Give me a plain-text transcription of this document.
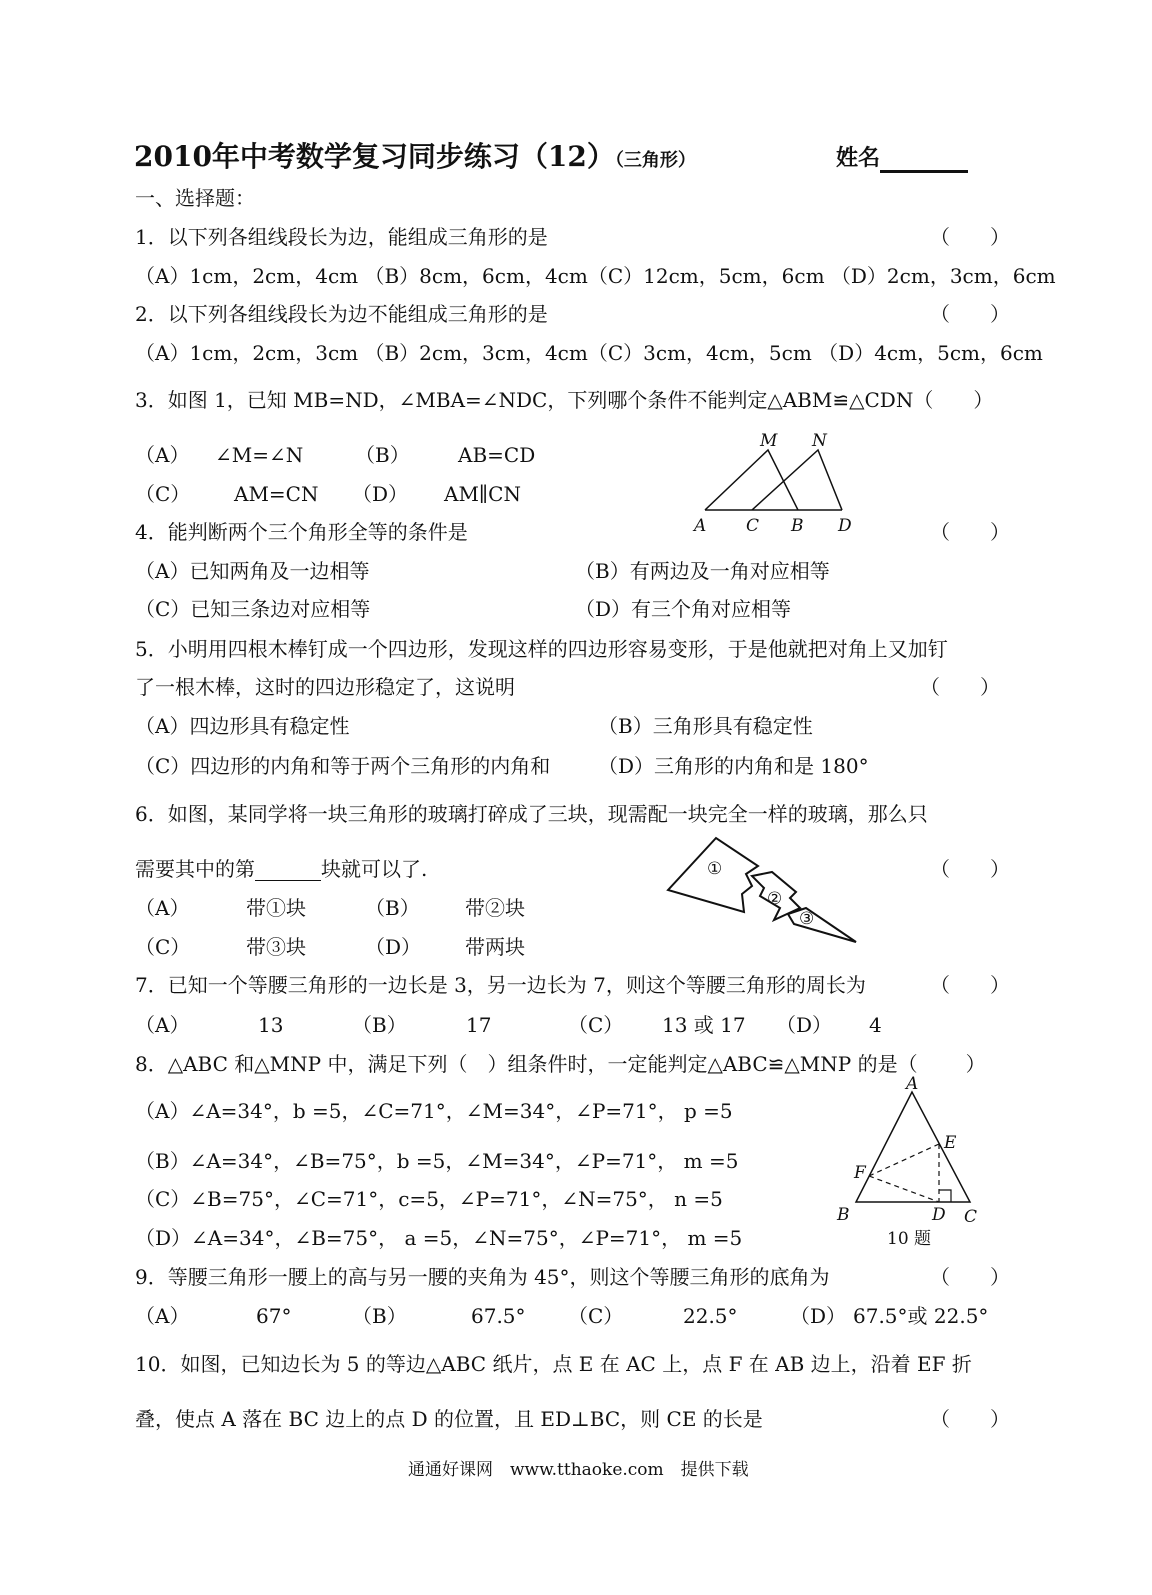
2010年中考数学复习同步练习（12）（三角形）	姓名
一、选择题：
1．以下列各组线段长为边，能组成三角形的是	（　　）
（A）1cm，2cm，4cm （B）8cm，6cm，4cm（C）12cm，5cm，6cm （D）2cm，3cm，6cm
2．以下列各组线段长为边不能组成三角形的是	（　　）
（A）1cm，2cm，3cm （B）2cm，3cm，4cm（C）3cm，4cm，5cm （D）4cm，5cm，6cm
3．如图 1，已知 MB=ND，∠MBA=∠NDC，下列哪个条件不能判定△ABM≌△CDN（ ）
（A） ∠M=∠N	（B） AB=CD
（C） AM=CN （D） AM∥CN
M N
A C B D
4．能判断两个三个角形全等的条件是	（　　）
（A）已知两角及一边相等	（B）有两边及一角对应相等
（C）已知三条边对应相等	（D）有三个角对应相等
5．小明用四根木棒钉成一个四边形，发现这样的四边形容易变形，于是他就把对角上又加钉
了一根木棒，这时的四边形稳定了，这说明	（　　）
（A）四边形具有稳定性	（B）三角形具有稳定性
（C）四边形的内角和等于两个三角形的内角和 （D）三角形的内角和是 180°
6．如图，某同学将一块三角形的玻璃打碎成了三块，现需配一块完全一样的玻璃，那么只
需要其中的第	块就可以了.	（　　）
（A）	带①块	（B） 带②块
（C）	带③块	（D） 带两块
①
②
③
7．已知一个等腰三角形的一边长是 3，另一边长为 7，则这个等腰三角形的周长为	（　　）
（A）	13	（B）	17	（C） 13 或 17 （D） 4
8．△ABC 和△MNP 中，满足下列（　）组条件时，一定能判定△ABC≌△MNP 的是（ ）
（A）∠A=34°，b =5，∠C=71°，∠M=34°，∠P=71°， p =5
（B）∠A=34°，∠B=75°，b =5，∠M=34°，∠P=71°， m =5
（C）∠B=75°，∠C=71°，c=5，∠P=71°，∠N=75°， n =5
（D）∠A=34°，∠B=75°， a =5，∠N=75°，∠P=71°， m =5
A
E
F
B	D C
10 题
9．等腰三角形一腰上的高与另一腰的夹角为 45°，则这个等腰三角形的底角为	（　　）
（A）	67°	（B）	67.5° （C）	22.5°	（D） 67.5°或 22.5°
10．如图，已知边长为 5 的等边△ABC 纸片，点 E 在 AC 上，点 F 在 AB 边上，沿着 EF 折
叠，使点 A 落在 BC 边上的点 D 的位置，且 ED⊥BC，则 CE 的长是	（　　）
通通好课网　www.tthaoke.com　提供下载
